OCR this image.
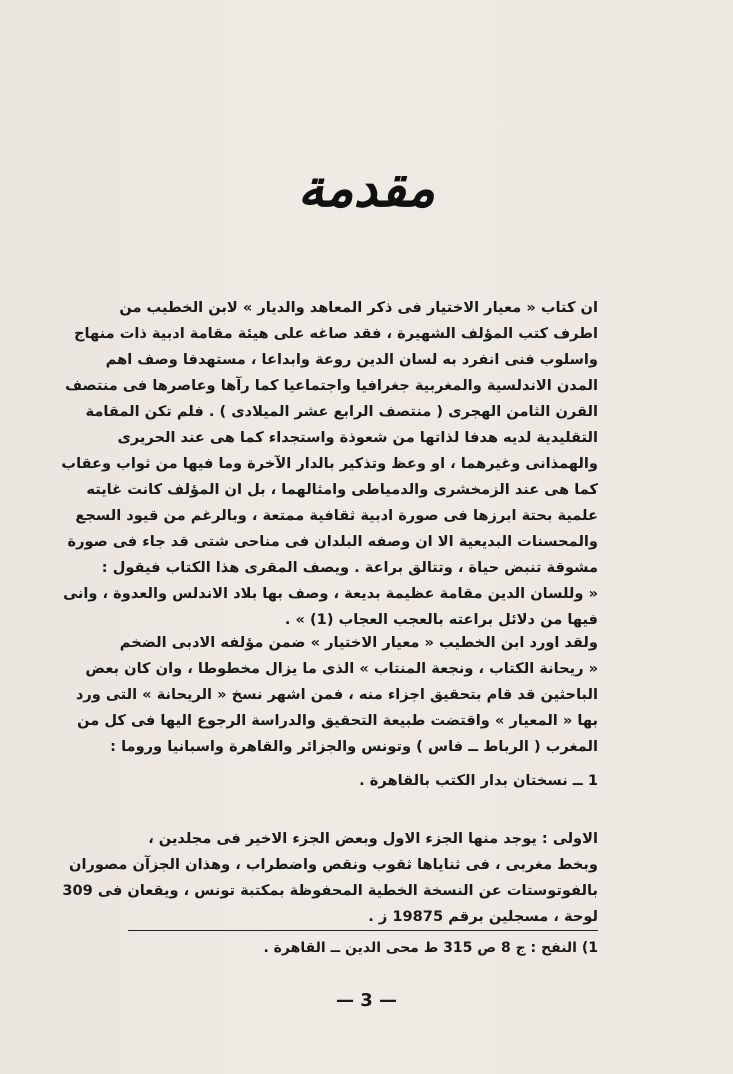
مقدمة
ان كتاب « معيار الاختيار فى ذكر المعاهد والديار » لابن الخطيب من
اطرف كتب المؤلف الشهيرة ، فقد صاغه على هيئة مقامة ادبية ذات منهاج
واسلوب فنى انفرد به لسان الدين روعة وابداعا ، مستهدفا وصف اهم
المدن الاندلسية والمغربية جغرافيا واجتماعيا كما رآها وعاصرها فى منتصف
القرن الثامن الهجرى ( منتصف الرابع عشر الميلادى ) . فلم تكن المقامة
التقليدية لديه هدفا لذاتها من شعوذة واستجداء كما هى عند الحريرى
والهمذانى وغيرهما ، او وعظ وتذكير بالدار الآخرة وما فيها من ثواب وعقاب
كما هى عند الزمخشرى والدمياطى وامثالهما ، بل ان المؤلف كانت غايته
علمية بحتة ابرزها فى صورة ادبية ثقافية ممتعة ، وبالرغم من قيود السجع
والمحسنات البديعية الا ان وصفه البلدان فى مناحى شتى قد جاء فى صورة
مشوقة تنبض حياة ، وتتالق براعة . ويصف المقرى هذا الكتاب فيقول :
« وللسان الدين مقامة عظيمة بديعة ، وصف بها بلاد الاندلس والعدوة ، وانى
فيها من دلائل براعته بالعجب العجاب (1) » .
ولقد اورد ابن الخطيب « معيار الاختيار » ضمن مؤلفه الادبى الضخم
« ريحانة الكتاب ، ونجعة المنتاب » الذى ما يزال مخطوطا ، وان كان بعض
الباحثين قد قام بتحقيق اجزاء منه ، فمن اشهر نسخ « الريحانة » التى ورد
بها « المعيار » واقتضت طبيعة التحقيق والدراسة الرجوع اليها فى كل من
المغرب ( الرباط ــ فاس ) وتونس والجزائر والقاهرة واسبانيا وروما :
1 ــ نسختان بدار الكتب بالقاهرة .
الاولى : يوجد منها الجزء الاول وبعض الجزء الاخير فى مجلدين ،
وبخط مغربى ، فى ثناياها ثقوب ونقص واضطراب ، وهذان الجزآن مصوران
بالفوتوستات عن النسخة الخطية المحفوظة بمكتبة تونس ، ويقعان فى 309
لوحة ، مسجلين برقم 19875 ز .
1) النفح : ج 8 ص 315 ط محى الدين ــ القاهرة .
— 3 —
